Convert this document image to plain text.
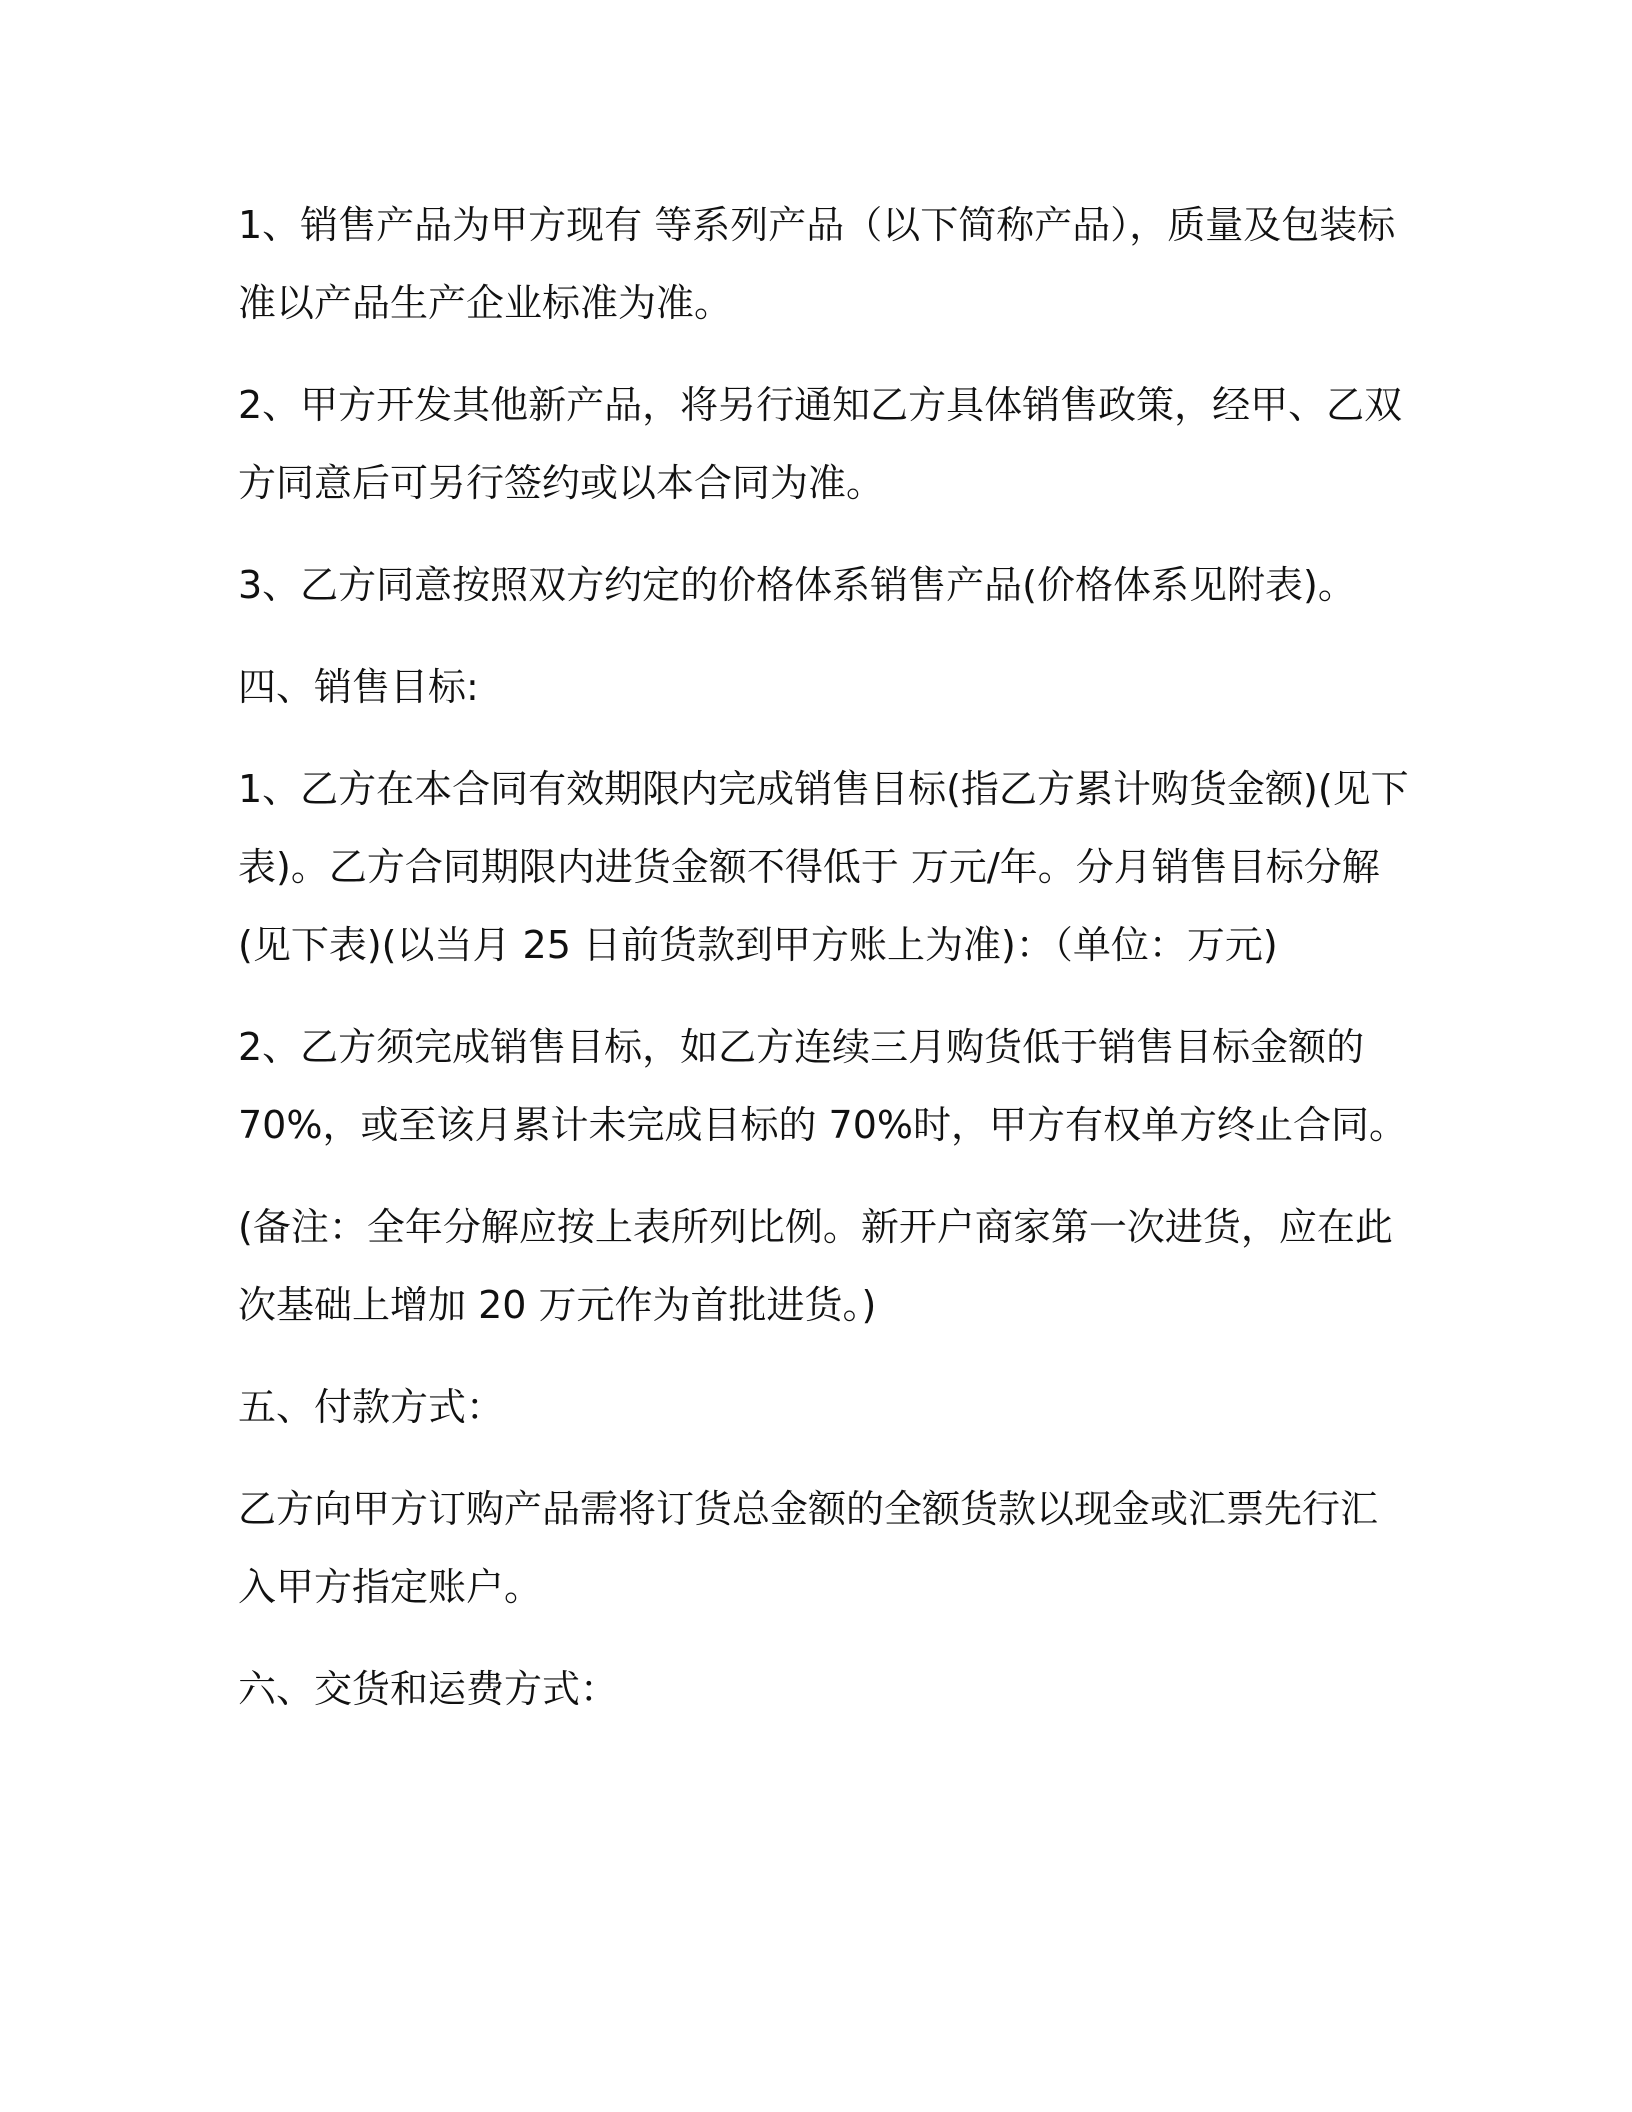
1、销售产品为甲方现有 等系列产品（以下简称产品），质量及包装标
准以产品生产企业标准为准。

2、甲方开发其他新产品，将另行通知乙方具体销售政策，经甲、乙双
方同意后可另行签约或以本合同为准。

3、乙方同意按照双方约定的价格体系销售产品(价格体系见附表)。

四、销售目标:

1、乙方在本合同有效期限内完成销售目标(指乙方累计购货金额)(见下
表)。乙方合同期限内进货金额不得低于 万元/年。分月销售目标分解
(见下表)(以当月 25 日前货款到甲方账上为准)：（单位：万元)

2、乙方须完成销售目标，如乙方连续三月购货低于销售目标金额的
70%，或至该月累计未完成目标的 70%时，甲方有权单方终止合同。

(备注：全年分解应按上表所列比例。新开户商家第一次进货，应在此
次基础上增加 20 万元作为首批进货。)

五、付款方式：

乙方向甲方订购产品需将订货总金额的全额货款以现金或汇票先行汇
入甲方指定账户。

六、交货和运费方式：
